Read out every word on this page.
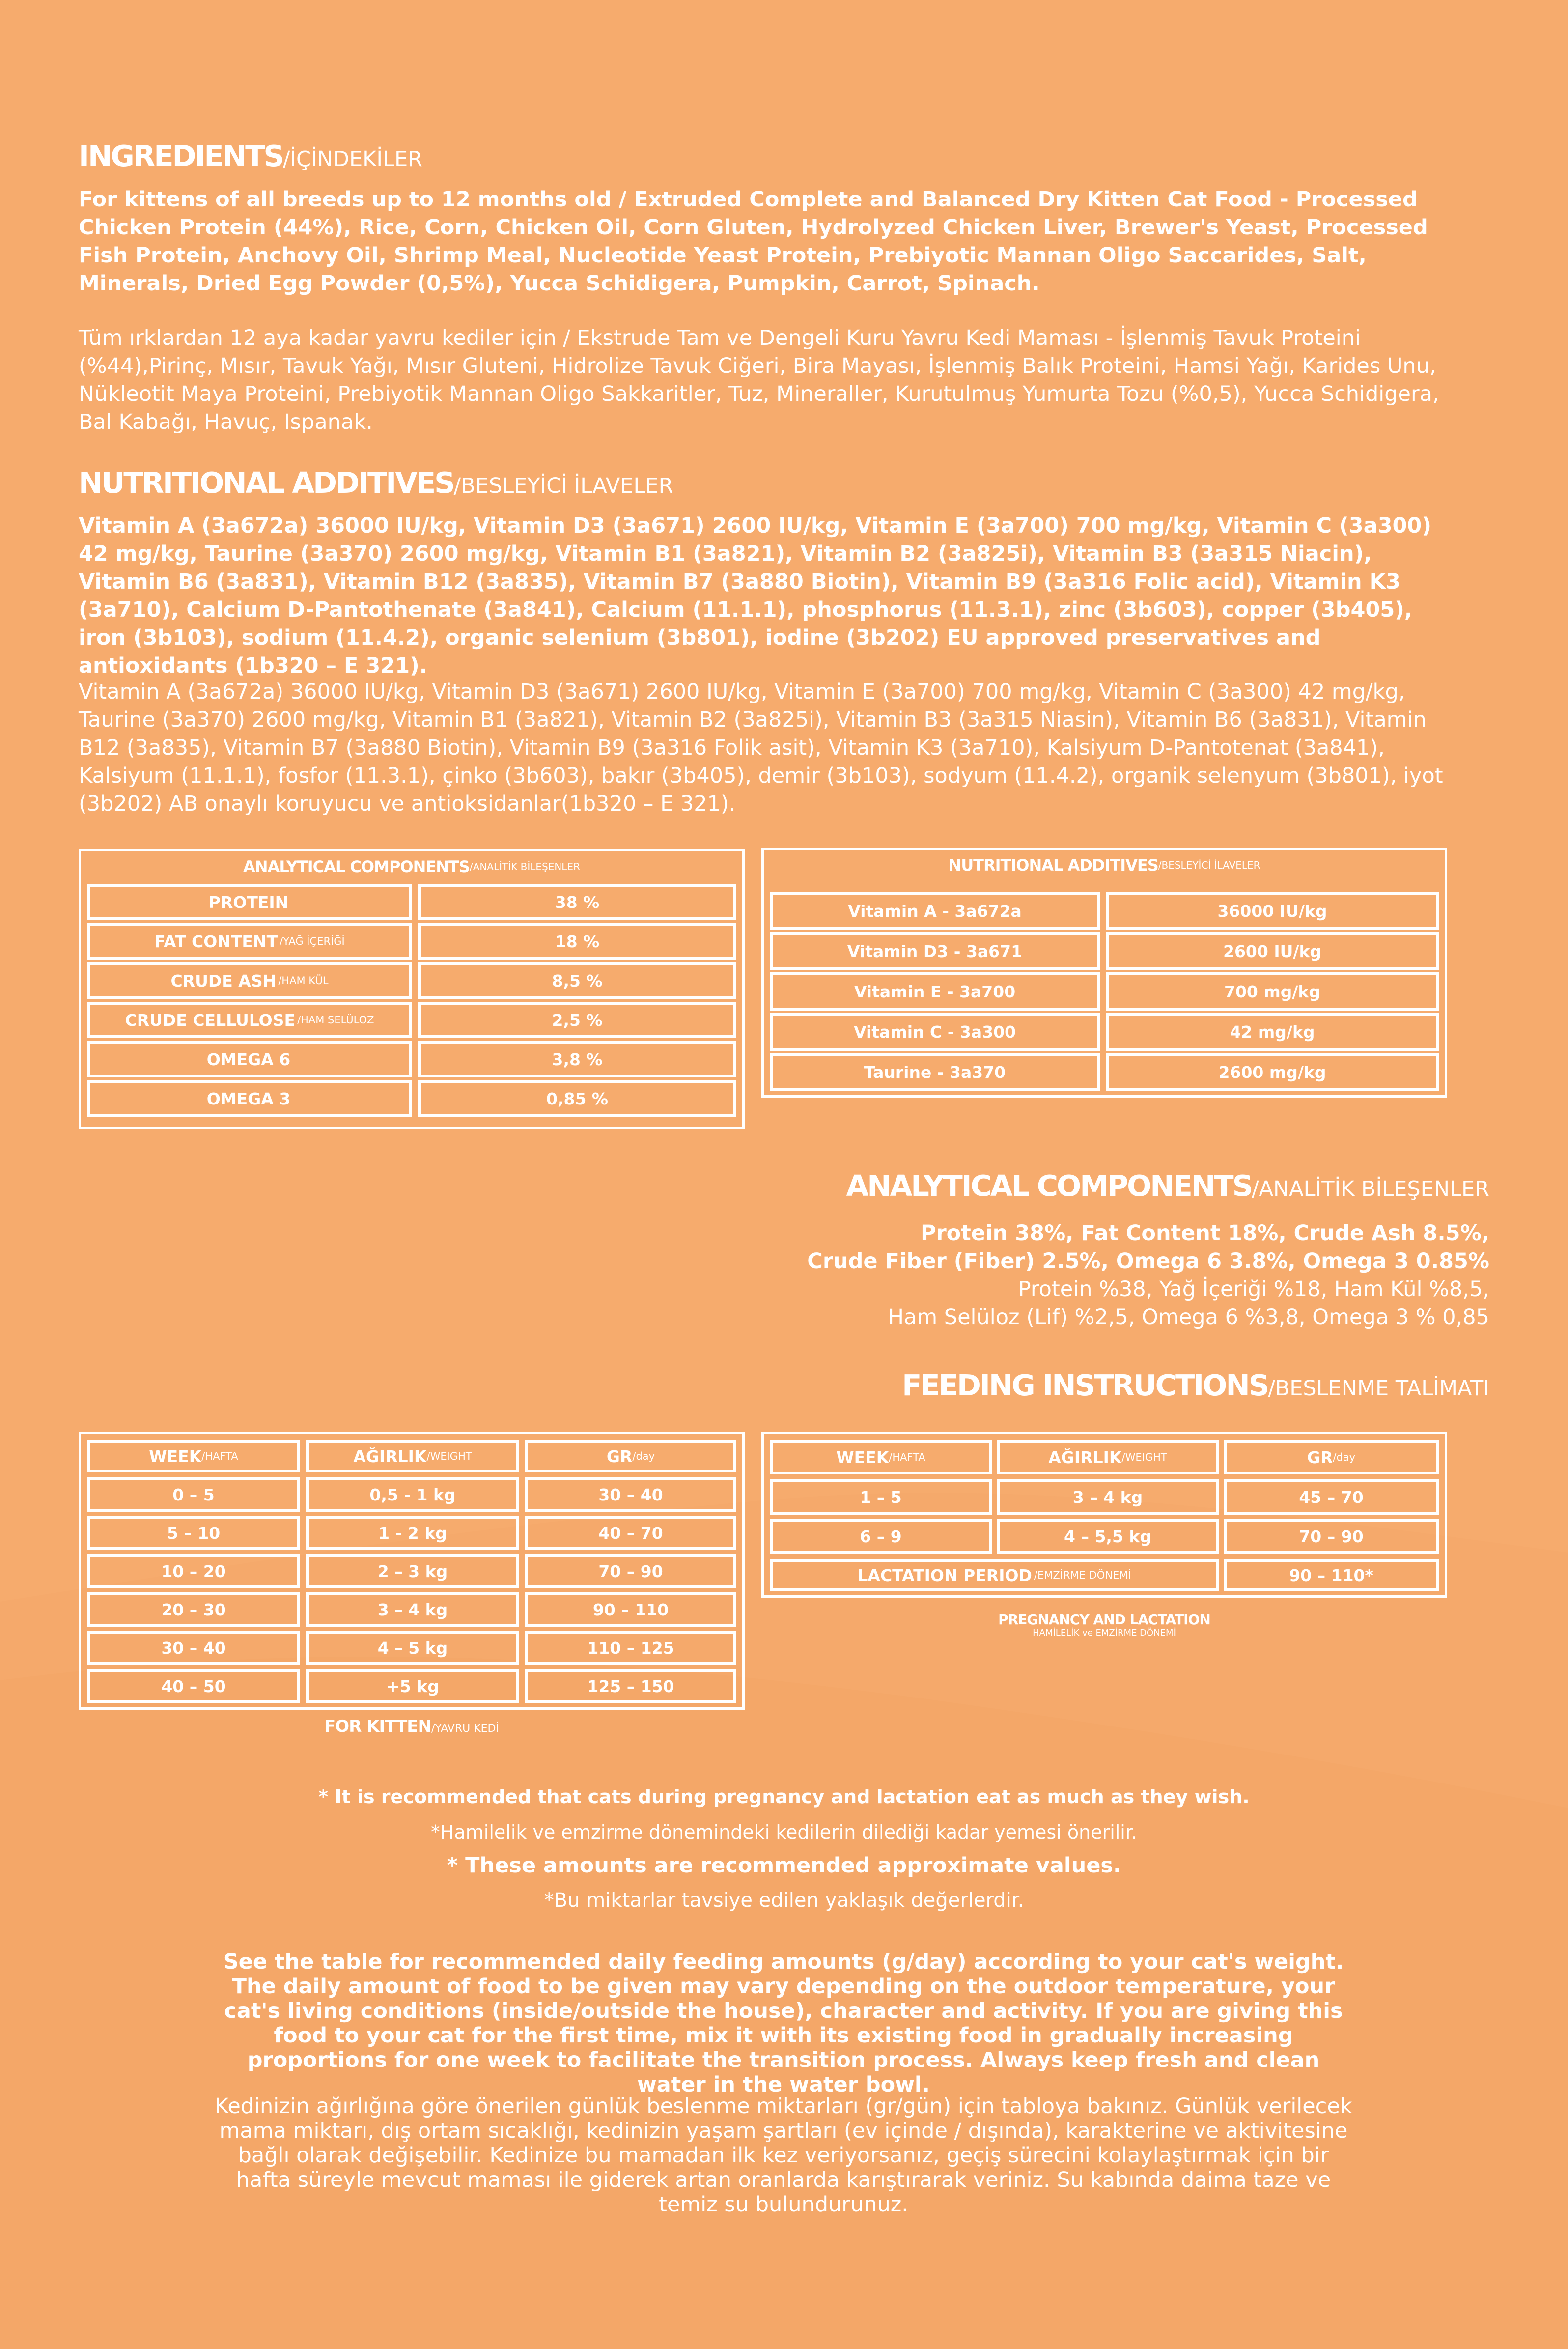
INGREDIENTS/İÇİNDEKİLER
For kittens of all breeds up to 12 months old / Extruded Complete and Balanced Dry Kitten Cat Food - Processed Chicken Protein (44%), Rice, Corn, Chicken Oil, Corn Gluten, Hydrolyzed Chicken Liver, Brewer's Yeast, Processed Fish Protein, Anchovy Oil, Shrimp Meal, Nucleotide Yeast Protein, Prebiyotic Mannan Oligo Saccarides, Salt, Minerals, Dried Egg Powder (0,5%), Yucca Schidigera, Pumpkin, Carrot, Spinach.
Tüm ırklardan 12 aya kadar yavru kediler için / Ekstrude Tam ve Dengeli Kuru Yavru Kedi Maması - İşlenmiş Tavuk Proteini (%44),Pirinç, Mısır, Tavuk Yağı, Mısır Gluteni, Hidrolize Tavuk Ciğeri, Bira Mayası, İşlenmiş Balık Proteini, Hamsi Yağı, Karides Unu, Nükleotit Maya Proteini, Prebiyotik Mannan Oligo Sakkaritler, Tuz, Mineraller, Kurutulmuş Yumurta Tozu (%0,5), Yucca Schidigera, Bal Kabağı, Havuç, Ispanak.
NUTRITIONAL ADDITIVES/BESLEYİCİ İLAVELER
Vitamin A (3a672a) 36000 IU/kg, Vitamin D3 (3a671) 2600 IU/kg, Vitamin E (3a700) 700 mg/kg, Vitamin C (3a300) 42 mg/kg, Taurine (3a370) 2600 mg/kg, Vitamin B1 (3a821), Vitamin B2 (3a825i), Vitamin B3 (3a315 Niacin), Vitamin B6 (3a831), Vitamin B12 (3a835), Vitamin B7 (3a880 Biotin), Vitamin B9 (3a316 Folic acid), Vitamin K3 (3a710), Calcium D-Pantothenate (3a841), Calcium (11.1.1), phosphorus (11.3.1), zinc (3b603), copper (3b405), iron (3b103), sodium (11.4.2), organic selenium (3b801), iodine (3b202) EU approved preservatives and antioxidants (1b320 – E 321).
Vitamin A (3a672a) 36000 IU/kg, Vitamin D3 (3a671) 2600 IU/kg, Vitamin E (3a700) 700 mg/kg, Vitamin C (3a300) 42 mg/kg, Taurine (3a370) 2600 mg/kg, Vitamin B1 (3a821), Vitamin B2 (3a825i), Vitamin B3 (3a315 Niasin), Vitamin B6 (3a831), Vitamin B12 (3a835), Vitamin B7 (3a880 Biotin), Vitamin B9 (3a316 Folik asit), Vitamin K3 (3a710), Kalsiyum D-Pantotenat (3a841), Kalsiyum (11.1.1), fosfor (11.3.1), çinko (3b603), bakır (3b405), demir (3b103), sodyum (11.4.2), organik selenyum (3b801), iyot (3b202) AB onaylı koruyucu ve antioksidanlar(1b320 – E 321).
ANALYTICAL COMPONENTS /ANALİTİK BİLEŞENLER
PROTEIN	38 %
FAT CONTENT /YAĞ İÇERİĞİ	18 %
CRUDE ASH /HAM KÜL	8,5 %
CRUDE CELLULOSE /HAM SELÜLOZ	2,5 %
OMEGA 6	3,8 %
OMEGA 3	0,85 %
NUTRITIONAL ADDITIVES /BESLEYİCİ İLAVELER
Vitamin A - 3a672a	36000 IU/kg
Vitamin D3 - 3a671	2600 IU/kg
Vitamin E - 3a700	700 mg/kg
Vitamin C - 3a300	42 mg/kg
Taurine - 3a370	2600 mg/kg
ANALYTICAL COMPONENTS/ANALİTİK BİLEŞENLER
Protein 38%, Fat Content 18%, Crude Ash 8.5%,
Crude Fiber (Fiber) 2.5%, Omega 6 3.8%, Omega 3 0.85%
Protein %38, Yağ İçeriği %18, Ham Kül %8,5,
Ham Selüloz (Lif) %2,5, Omega 6 %3,8, Omega 3 % 0,85
FEEDING INSTRUCTIONS/BESLENME TALİMATI
WEEK /HAFTA	AĞIRLIK /WEIGHT	GR /day
0 – 5	0,5 - 1 kg	30 – 40
5 – 10	1 - 2 kg	40 – 70
10 – 20	2 – 3 kg	70 – 90
20 – 30	3 – 4 kg	90 – 110
30 – 40	4 – 5 kg	110 – 125
40 – 50	+5 kg	125 – 150
FOR KITTEN/YAVRU KEDİ
WEEK /HAFTA	AĞIRLIK /WEIGHT	GR /day
1 – 5	3 – 4 kg	45 – 70
6 – 9	4 – 5,5 kg	70 – 90
LACTATION PERIOD /EMZİRME DÖNEMİ	90 – 110*
PREGNANCY AND LACTATION
HAMİLELİK ve EMZİRME DÖNEMİ
* It is recommended that cats during pregnancy and lactation eat as much as they wish.
*Hamilelik ve emzirme dönemindeki kedilerin dilediği kadar yemesi önerilir.
* These amounts are recommended approximate values.
*Bu miktarlar tavsiye edilen yaklaşık değerlerdir.
See the table for recommended daily feeding amounts (g/day) according to your cat's weight. The daily amount of food to be given may vary depending on the outdoor temperature, your cat's living conditions (inside/outside the house), character and activity. If you are giving this food to your cat for the first time, mix it with its existing food in gradually increasing proportions for one week to facilitate the transition process. Always keep fresh and clean water in the water bowl.
Kedinizin ağırlığına göre önerilen günlük beslenme miktarları (gr/gün) için tabloya bakınız. Günlük verilecek mama miktarı, dış ortam sıcaklığı, kedinizin yaşam şartları (ev içinde / dışında), karakterine ve aktivitesine bağlı olarak değişebilir. Kedinize bu mamadan ilk kez veriyorsanız, geçiş sürecini kolaylaştırmak için bir hafta süreyle mevcut maması ile giderek artan oranlarda karıştırarak veriniz. Su kabında daima taze ve temiz su bulundurunuz.
